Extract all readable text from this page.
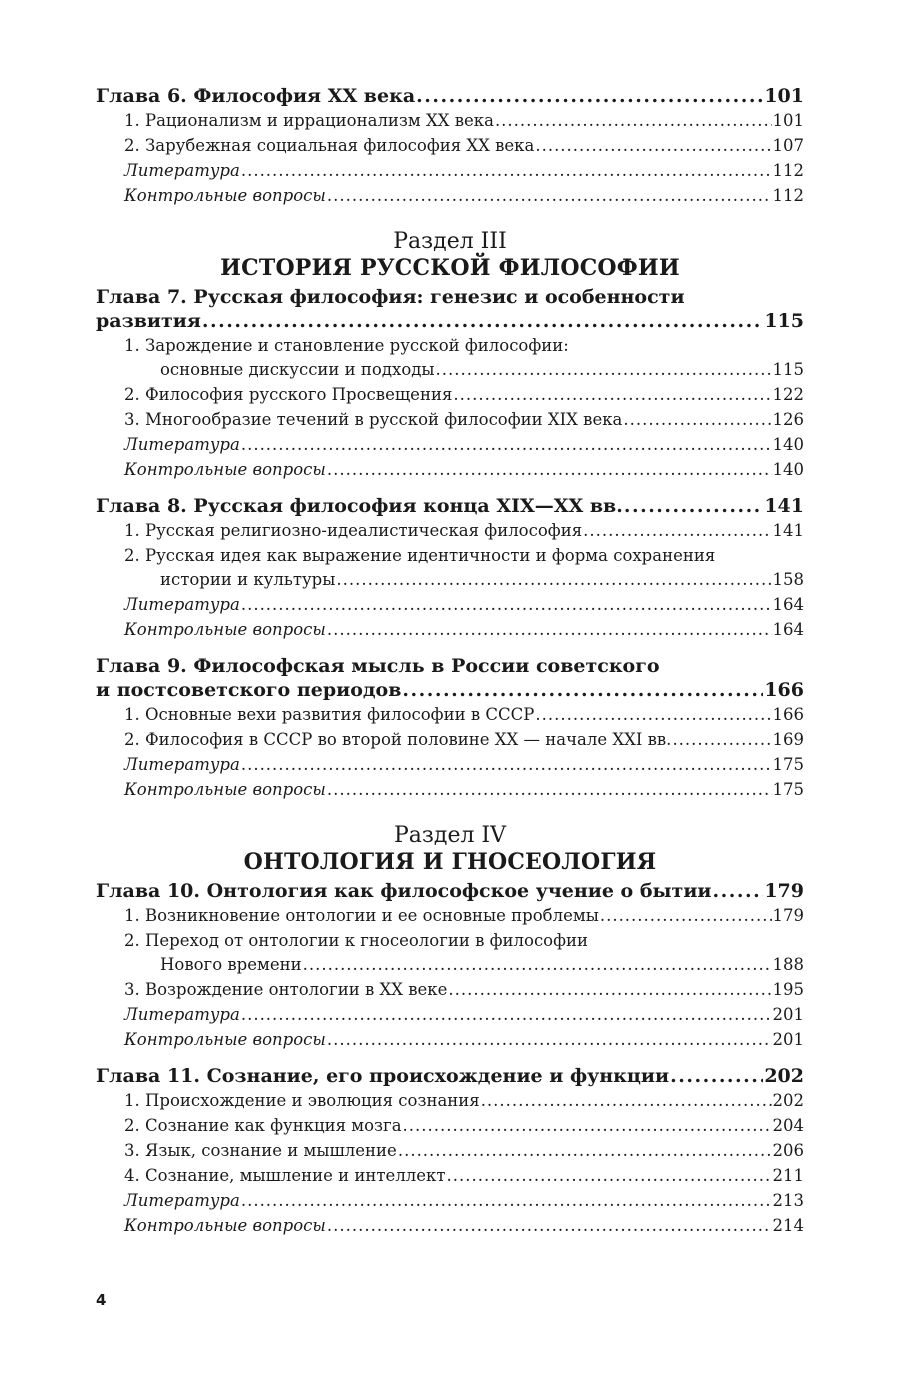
Глава 6. Философия XX века .....	101
1. Рационализм и иррационализм XX века .....	101
2. Зарубежная социальная философия XX века .....	107
Литература .....	112
Контрольные вопросы .....	112
Раздел III
ИСТОРИЯ РУССКОЙ ФИЛОСОФИИ
Глава 7. Русская философия: генезис и особенности
развития .....	115
1. Зарождение и становление русской философии:
основные дискуссии и подходы .....	115
2. Философия русского Просвещения .....	122
3. Многообразие течений в русской философии XIX века .....	126
Литература .....	140
Контрольные вопросы .....	140
Глава 8. Русская философия конца XIX—XX вв. .....	141
1. Русская религиозно-идеалистическая философия .....	141
2. Русская идея как выражение идентичности и форма сохранения
истории и культуры .....	158
Литература .....	164
Контрольные вопросы .....	164
Глава 9. Философская мысль в России советского
и постсоветского периодов .....	166
1. Основные вехи развития философии в СССР .....	166
2. Философия в СССР во второй половине XX — начале XXI вв. .....	169
Литература .....	175
Контрольные вопросы .....	175
Раздел IV
ОНТОЛОГИЯ И ГНОСЕОЛОГИЯ
Глава 10. Онтология как философское учение о бытии .....	179
1. Возникновение онтологии и ее основные проблемы .....	179
2. Переход от онтологии к гносеологии в философии
Нового времени .....	188
3. Возрождение онтологии в XX веке .....	195
Литература .....	201
Контрольные вопросы .....	201
Глава 11. Сознание, его происхождение и функции .....	202
1. Происхождение и эволюция сознания .....	202
2. Сознание как функция мозга .....	204
3. Язык, сознание и мышление .....	206
4. Сознание, мышление и интеллект .....	211
Литература .....	213
Контрольные вопросы .....	214
4
